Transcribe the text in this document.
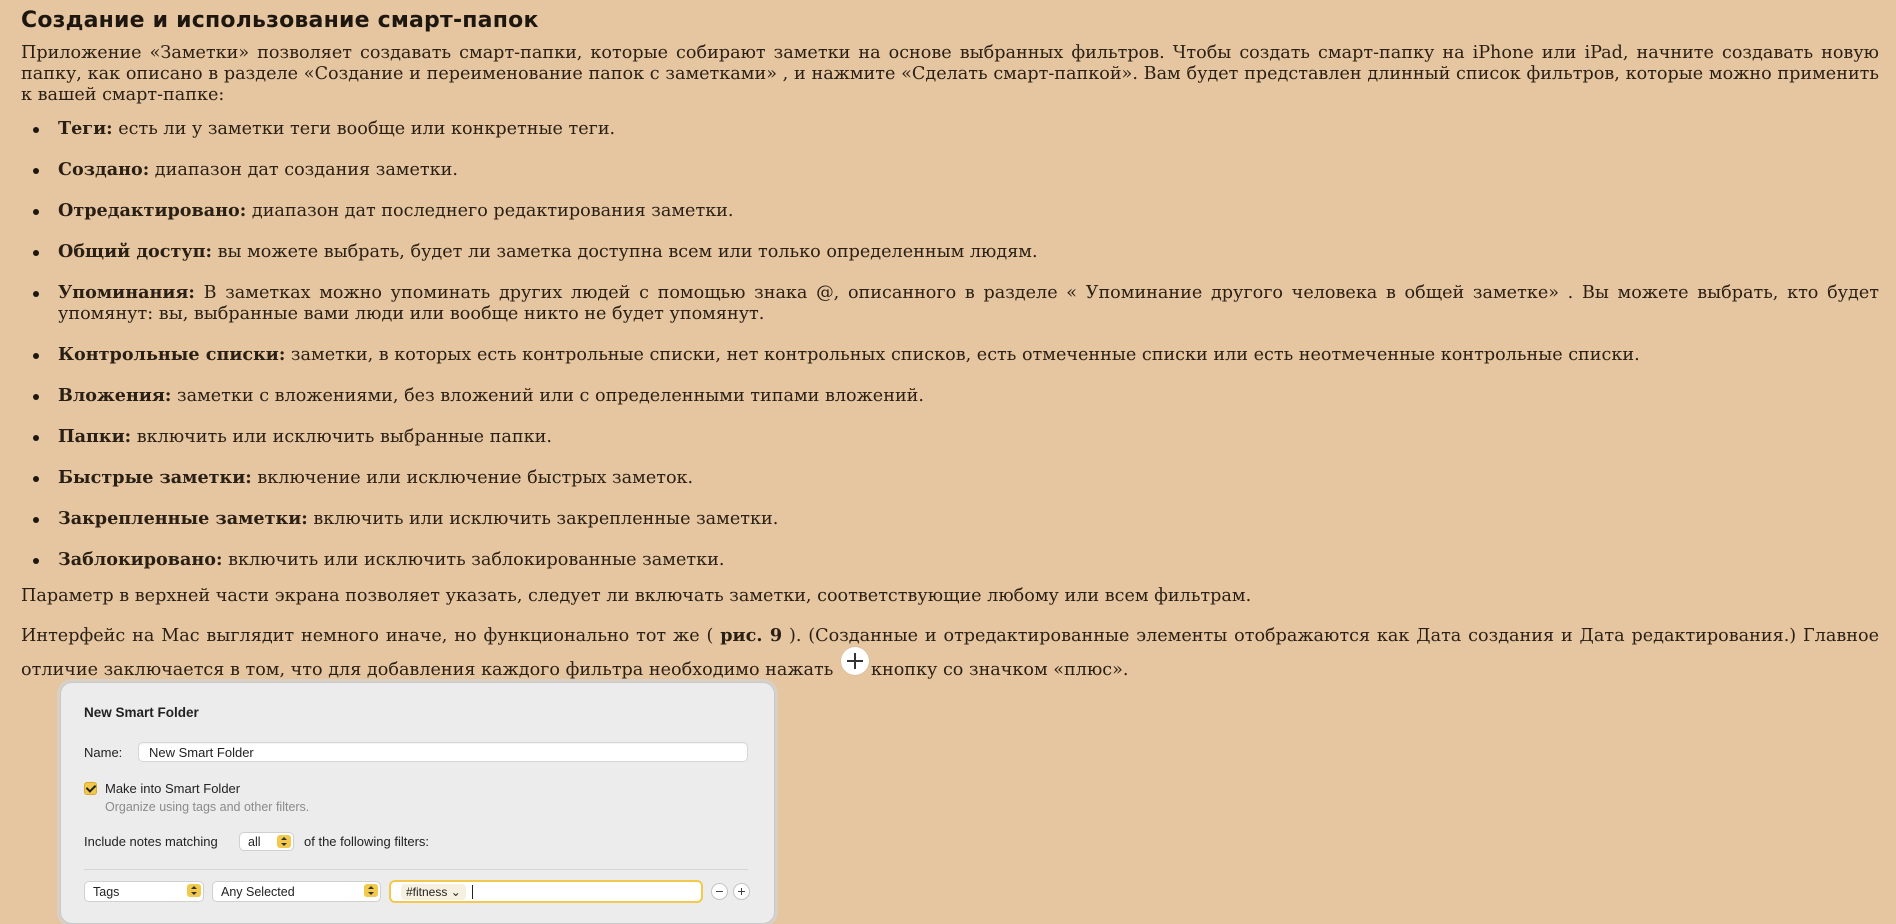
Создание и использование смарт-папок

Приложение «Заметки» позволяет создавать смарт-папки, которые собирают заметки на основе выбранных фильтров. Чтобы создать смарт-папку на iPhone или iPad, начните создавать новую папку, как описано в разделе «Создание и переименование папок с заметками» , и нажмите «Сделать смарт-папкой». Вам будет представлен длинный список фильтров, которые можно применить к вашей смарт-папке:

Теги: есть ли у заметки теги вообще или конкретные теги.
Создано: диапазон дат создания заметки.
Отредактировано: диапазон дат последнего редактирования заметки.
Общий доступ: вы можете выбрать, будет ли заметка доступна всем или только определенным людям.
Упоминания: В заметках можно упоминать других людей с помощью знака @, описанного в разделе « Упоминание другого человека в общей заметке» . Вы можете выбрать, кто будет упомянут: вы, выбранные вами люди или вообще никто не будет упомянут.
Контрольные списки: заметки, в которых есть контрольные списки, нет контрольных списков, есть отмеченные списки или есть неотмеченные контрольные списки.
Вложения: заметки с вложениями, без вложений или с определенными типами вложений.
Папки: включить или исключить выбранные папки.
Быстрые заметки: включение или исключение быстрых заметок.
Закрепленные заметки: включить или исключить закрепленные заметки.
Заблокировано: включить или исключить заблокированные заметки.

Параметр в верхней части экрана позволяет указать, следует ли включать заметки, соответствующие любому или всем фильтрам.

Интерфейс на Mac выглядит немного иначе, но функционально тот же ( рис. 9 ). (Созданные и отредактированные элементы отображаются как Дата создания и Дата редактирования.) Главное отличие заключается в том, что для добавления каждого фильтра необходимо нажать кнопку со значком «плюс».

New Smart Folder
Name:	New Smart Folder
Make into Smart Folder
Organize using tags and other filters.
Include notes matching	all	of the following filters:
Tags	Any Selected	#fitness ⌄
